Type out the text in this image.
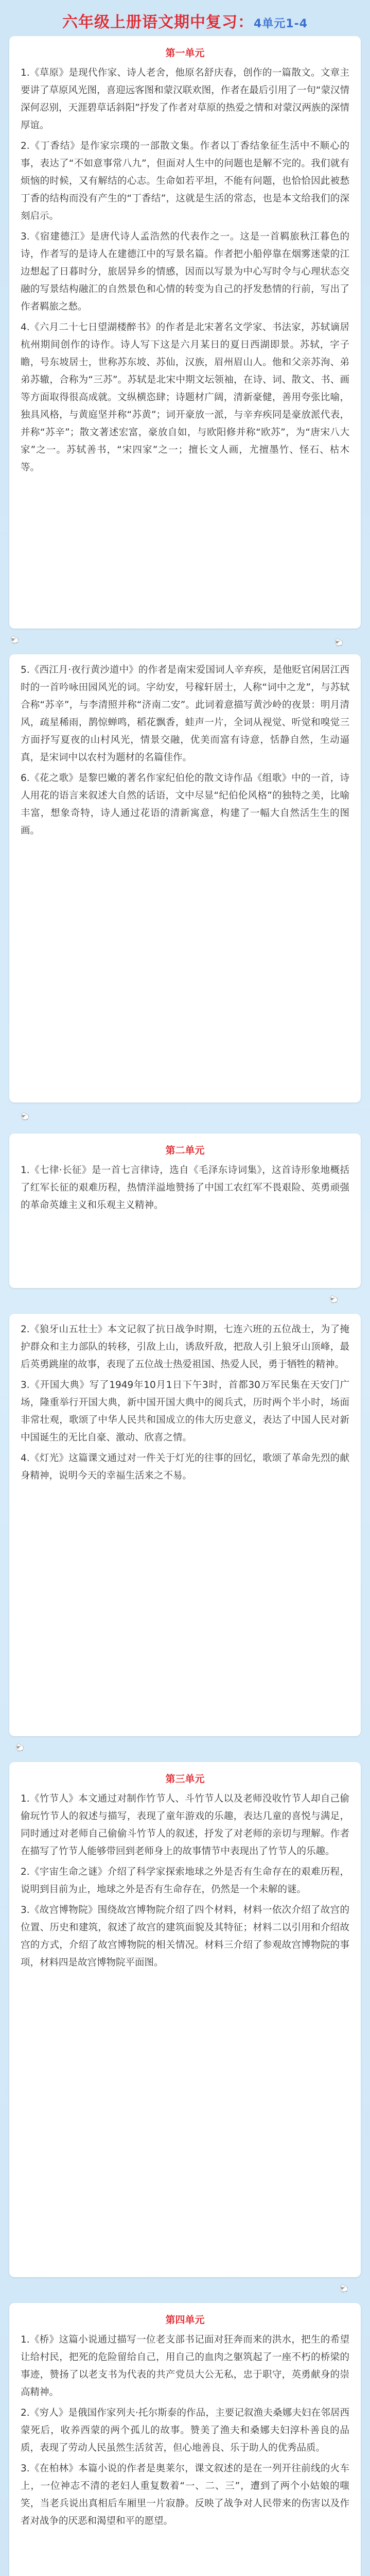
六年级上册语文期中复习：4单元1-4
第一单元

1.《草原》是现代作家、诗人老舍，他原名舒庆春，创作的一篇散文。文章主要讲了草原风光图，喜迎远客图和蒙汉联欢图，作者在最后引用了一句“蒙汉情深何忍别，天涯碧草话斜阳”抒发了作者对草原的热爱之情和对蒙汉两族的深情厚谊。

2.《丁香结》是作家宗璞的一部散文集。作者以丁香结象征生活中不顺心的事，表达了“不如意事常八九”，但面对人生中的问题也是解不完的。我们就有烦恼的时候，又有解结的心志。生命如若平坦，不能有问题，也恰恰因此被愁丁香的结构而没有产生的“丁香结”，这就是生活的常态，也是本文给我们的深刻启示。

3.《宿建德江》是唐代诗人孟浩然的代表作之一。这是一首羁旅秋江暮色的诗，作者写的是诗人在建德江中的写景名篇。作者把小船停靠在烟雾迷蒙的江边想起了日暮时分，旅居异乡的情感，因而以写景为中心写时令与心理状态交融的写景结构融汇的自然景色和心情的转变为自己的抒发愁情的行前，写出了作者羁旅之愁。

4.《六月二十七日望湖楼醉书》的作者是北宋著名文学家、书法家，苏轼谪居杭州期间创作的诗作。诗人写下这是六月某日的夏日西湖即景。苏轼，字子瞻，号东坡居士，世称苏东坡、苏仙，汉族，眉州眉山人。他和父亲苏洵、弟弟苏辙，合称为“三苏”。苏轼是北宋中期文坛领袖，在诗、词、散文、书、画等方面取得很高成就。文纵横恣肆；诗题材广阔，清新豪健，善用夸张比喻，独具风格，与黄庭坚并称“苏黄”；词开豪放一派，与辛弃疾同是豪放派代表，并称“苏辛”；散文著述宏富，豪放自如，与欧阳修并称“欧苏”，为“唐宋八大家”之一。苏轼善书，“宋四家”之一；擅长文人画，尤擅墨竹、怪石、枯木等。

5.《西江月·夜行黄沙道中》的作者是南宋爱国词人辛弃疾，是他贬官闲居江西时的一首吟咏田园风光的词。字幼安，号稼轩居士，人称“词中之龙”，与苏轼合称“苏辛”，与李清照并称“济南二安”。此词着意描写黄沙岭的夜景：明月清风，疏星稀雨，鹊惊蝉鸣，稻花飘香，蛙声一片，全词从视觉、听觉和嗅觉三方面抒写夏夜的山村风光，情景交融，优美而富有诗意，恬静自然，生动逼真，是宋词中以农村为题材的名篇佳作。

6.《花之歌》是黎巴嫩的著名作家纪伯伦的散文诗作品《组歌》中的一首，诗人用花的语言来叙述大自然的话语，文中尽显“纪伯伦风格”的独特之美，比喻丰富，想象奇特，诗人通过花语的清新寓意，构建了一幅大自然活生生的图画。

第二单元

1.《七律·长征》是一首七言律诗，选自《毛泽东诗词集》，这首诗形象地概括了红军长征的艰难历程，热情洋溢地赞扬了中国工农红军不畏艰险、英勇顽强的革命英雄主义和乐观主义精神。

2.《狼牙山五壮士》本文记叙了抗日战争时期，七连六班的五位战士，为了掩护群众和主力部队的转移，引敌上山，诱敌歼敌，把敌人引上狼牙山顶峰，最后英勇跳崖的故事，表现了五位战士热爱祖国、热爱人民，勇于牺牲的精神。

3.《开国大典》写了1949年10月1日下午3时，首都30万军民集在天安门广场，隆重举行开国大典，新中国开国大典中的阅兵式，历时两个半小时，场面非常壮观，歌颂了中华人民共和国成立的伟大历史意义，表达了中国人民对新中国诞生的无比自豪、激动、欣喜之情。

4.《灯光》这篇课文通过对一件关于灯光的往事的回忆，歌颂了革命先烈的献身精神，说明今天的幸福生活来之不易。

第三单元

1.《竹节人》本文通过对制作竹节人、斗竹节人以及老师没收竹节人却自己偷偷玩竹节人的叙述与描写，表现了童年游戏的乐趣，表达几童的喜悦与满足，同时通过对老师自己偷偷斗竹节人的叙述，抒发了对老师的亲切与理解。作者在描写了竹节人能够带回到老师身上的故事情节中表现出了竹节人的乐趣。

2.《宇宙生命之谜》介绍了科学家探索地球之外是否有生命存在的艰难历程，说明到目前为止，地球之外是否有生命存在，仍然是一个未解的谜。

3.《故宫博物院》围绕故宫博物院介绍了四个材料，材料一依次介绍了故宫的位置、历史和建筑，叙述了故宫的建筑面貌及其特征；材料二以引用和介绍故宫的方式，介绍了故宫博物院的相关情况。材料三介绍了参观故宫博物院的事项，材料四是故宫博物院平面图。

第四单元

1.《桥》这篇小说通过描写一位老支部书记面对狂奔而来的洪水，把生的希望让给村民，把死的危险留给自己，用自己的血肉之躯筑起了一座不朽的桥梁的事迹，赞扬了以老支书为代表的共产党员大公无私，忠于职守，英勇献身的崇高精神。

2.《穷人》是俄国作家列夫·托尔斯泰的作品，主要记叙渔夫桑娜夫妇在邻居西蒙死后，收养西蒙的两个孤儿的故事。赞美了渔夫和桑娜夫妇淳朴善良的品质，表现了劳动人民虽然生活贫苦，但心地善良、乐于助人的优秀品质。

3.《在柏林》本篇小说的作者是奥莱尔，课文叙述的是在一列开往前线的火车上，一位神志不清的老妇人重复数着“一、二、三”，遭到了两个小姑娘的嗤笑，当老兵说出真相后车厢里一片寂静。反映了战争对人民带来的伤害以及作者对战争的厌恶和渴望和平的愿望。

🐑	🐑
🐑
🐑
🐑
🐑
